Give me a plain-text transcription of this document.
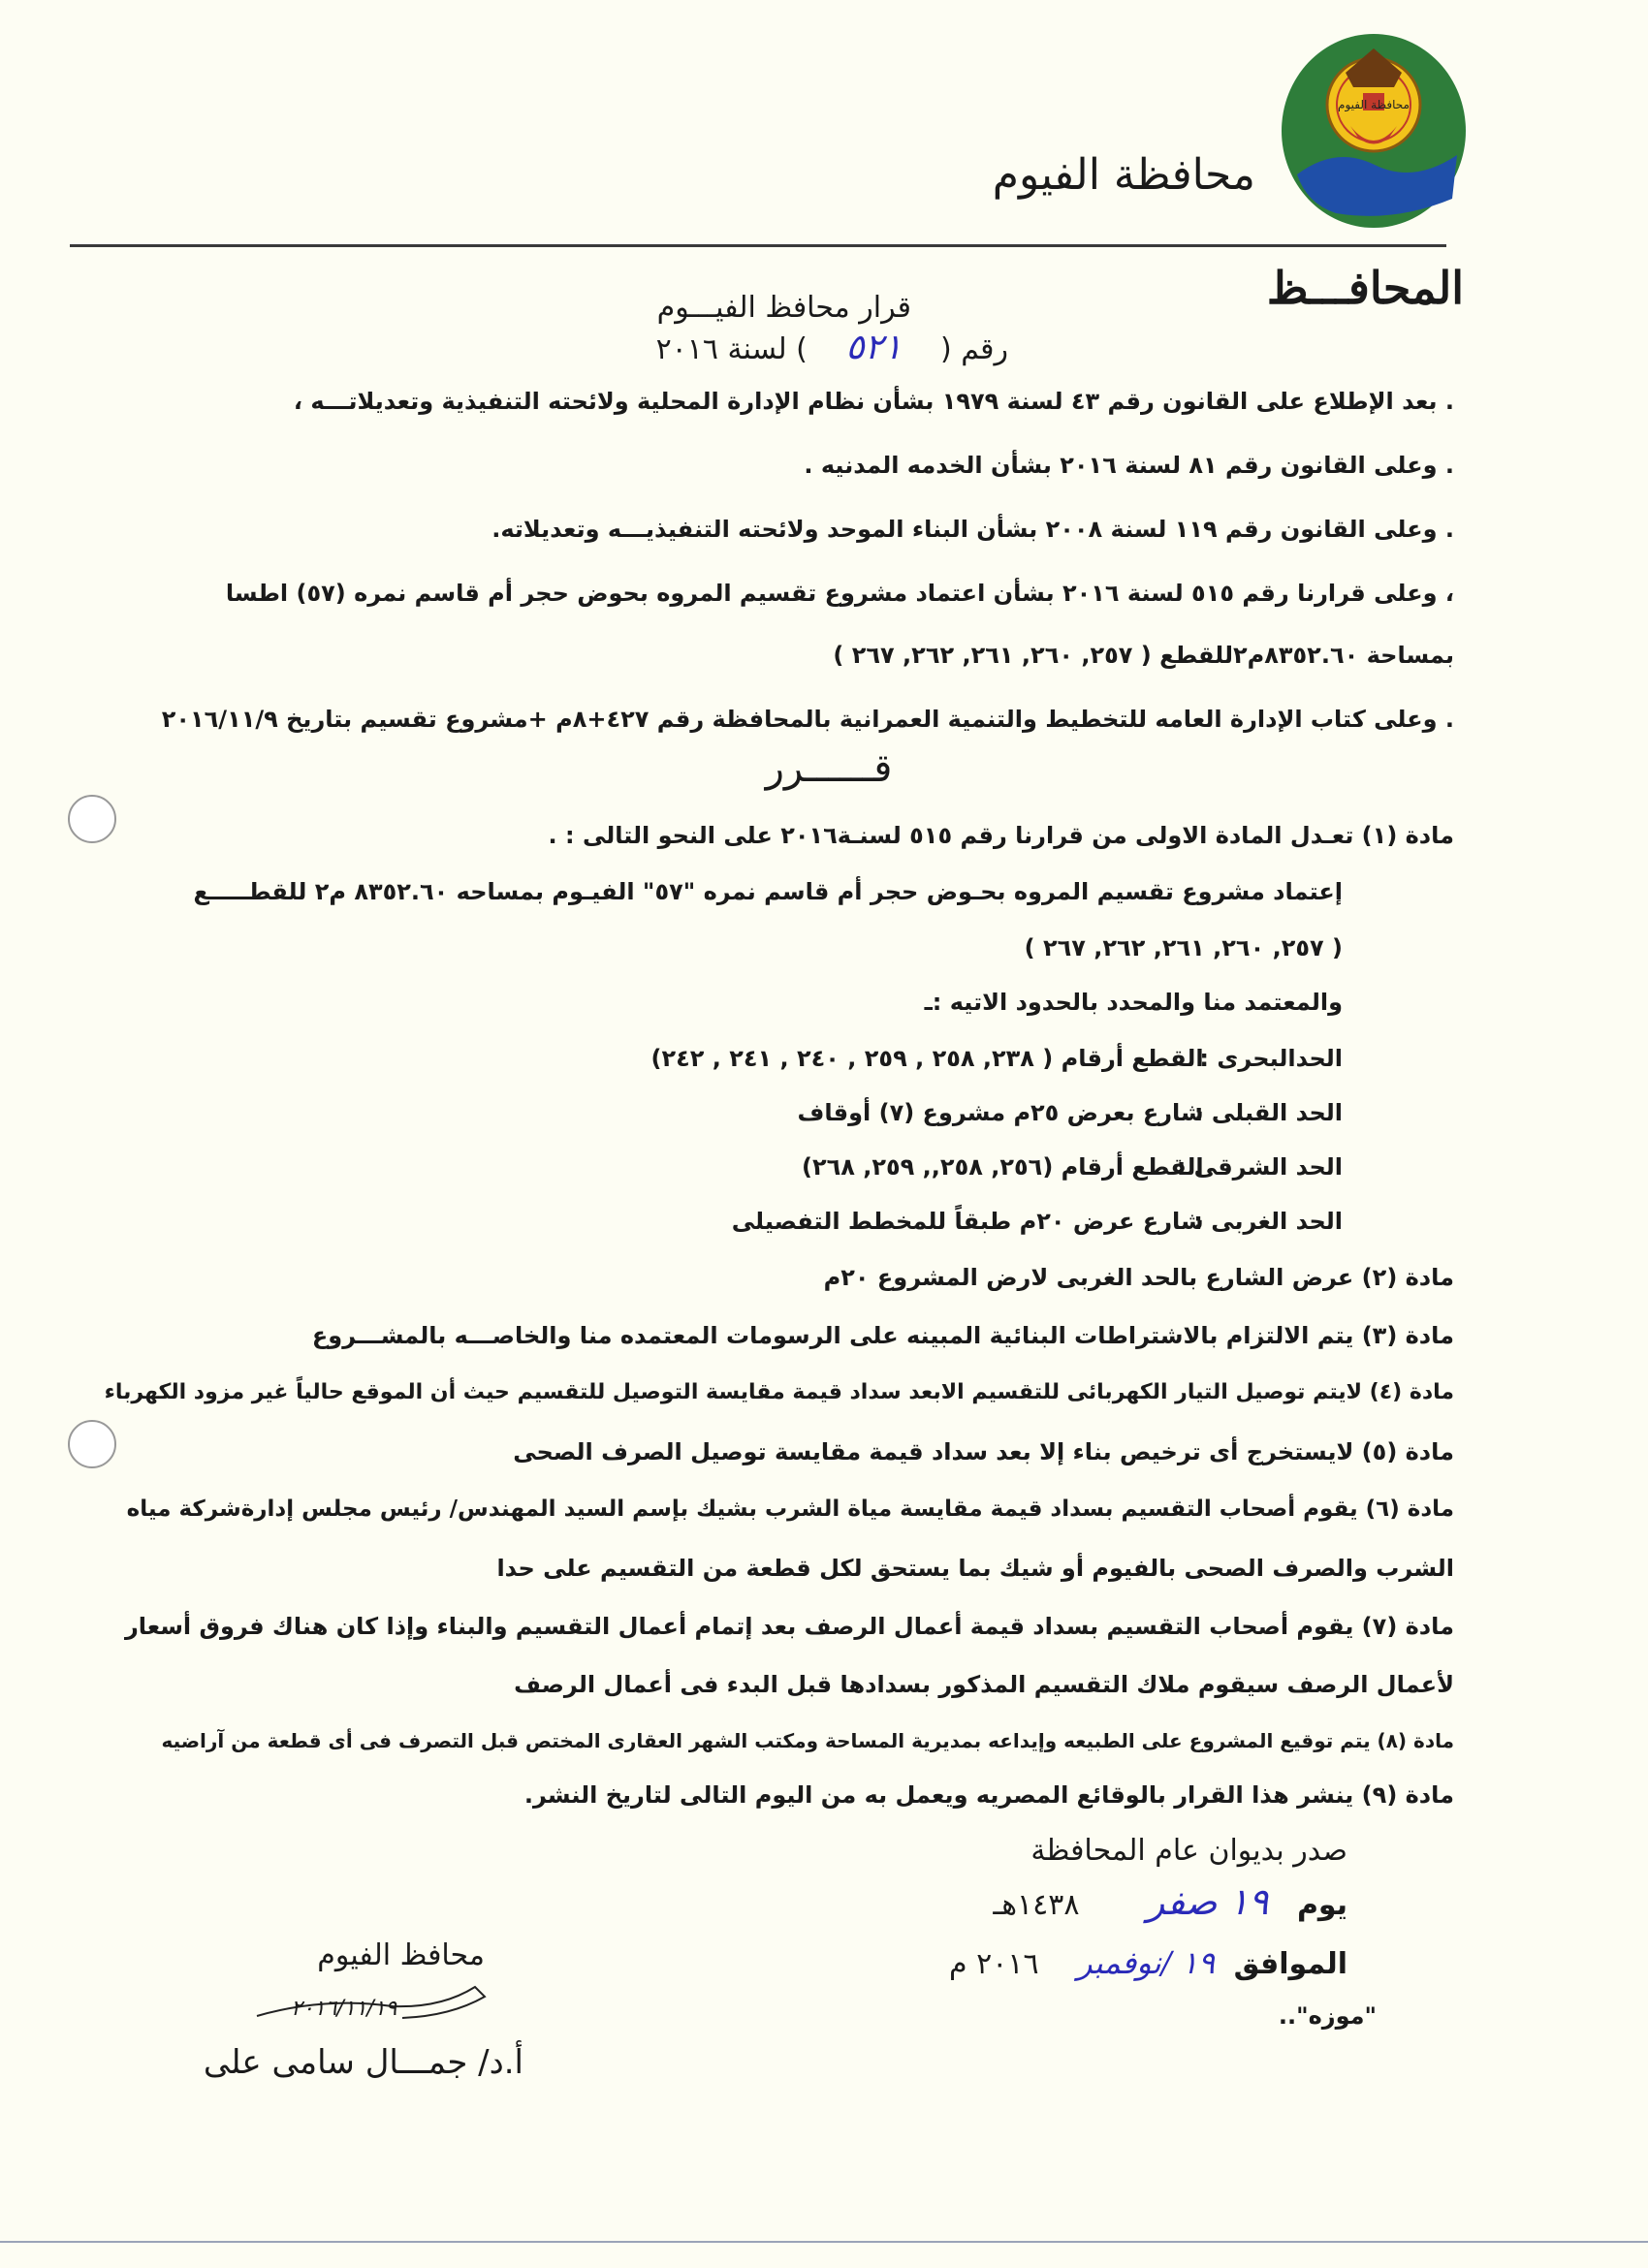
محافظة الفيوم
محافظة الفيوم
المحافـــظ
قرار محافظ الفيـــوم
رقم ( ٥٢١ ) لسنة ٢٠١٦
. بعد الإطلاع على القانون رقم ٤٣ لسنة ١٩٧٩ بشأن نظام الإدارة المحلية ولائحته التنفيذية وتعديلاتـــه ،
. وعلى القانون رقم ٨١ لسنة ٢٠١٦ بشأن الخدمه المدنيه .
. وعلى القانون رقم ١١٩ لسنة ٢٠٠٨ بشأن البناء الموحد ولائحته التنفيذيـــه وتعديلاته.
، وعلى قرارنا رقم ٥١٥ لسنة ٢٠١٦ بشأن اعتماد مشروع تقسيم المروه بحوض حجر أم قاسم نمره (٥٧) اطسا
بمساحة ٨٣٥٢.٦٠م٢للقطع ( ٢٥٧, ٢٦٠, ٢٦١, ٢٦٢, ٢٦٧ )
. وعلى كتاب الإدارة العامه للتخطيط والتنمية العمرانية بالمحافظة رقم ٤٢٧+٨م +مشروع تقسيم بتاريخ ٢٠١٦/١١/٩
قــــــرر
مادة (١) تعـدل المادة الاولى من قرارنا رقم ٥١٥ لسنـة٢٠١٦ على النحو التالى : .
إعتماد مشروع تقسيم المروه بحـوض حجر أم قاسم نمره "٥٧" الفيـوم بمساحه ٨٣٥٢.٦٠ م٢ للقطـــــع
( ٢٥٧, ٢٦٠, ٢٦١, ٢٦٢, ٢٦٧ )
والمعتمد منا والمحدد بالحدود الاتيه :ـ
الحدالبحرى : القطع أرقام ( ٢٣٨, ٢٥٨ , ٢٥٩ , ٢٤٠ , ٢٤١ , ٢٤٢)
الحد القبلى : شارع بعرض ٢٥م مشروع (٧) أوقاف
الحد الشرقى : القطع أرقام (٢٥٦, ٢٥٨,, ٢٥٩, ٢٦٨)
الحد الغربى : شارع عرض ٢٠م طبقاً للمخطط التفصيلى
مادة (٢) عرض الشارع بالحد الغربى لارض المشروع ٢٠م
مادة (٣) يتم الالتزام بالاشتراطات البنائية المبينه على الرسومات المعتمده منا والخاصـــه بالمشـــروع
مادة (٤) لايتم توصيل التيار الكهربائى للتقسيم الابعد سداد قيمة مقايسة التوصيل للتقسيم حيث أن الموقع حالياً غير مزود الكهرباء
مادة (٥) لايستخرج أى ترخيص بناء إلا بعد سداد قيمة مقايسة توصيل الصرف الصحى
مادة (٦) يقوم أصحاب التقسيم بسداد قيمة مقايسة مياة الشرب بشيك بإسم السيد المهندس/ رئيس مجلس إدارةشركة مياه
الشرب والصرف الصحى بالفيوم أو شيك بما يستحق لكل قطعة من التقسيم على حدا
مادة (٧) يقوم أصحاب التقسيم بسداد قيمة أعمال الرصف بعد إتمام أعمال التقسيم والبناء وإذا كان هناك فروق أسعار
لأعمال الرصف سيقوم ملاك التقسيم المذكور بسدادها قبل البدء فى أعمال الرصف
مادة (٨) يتم توقيع المشروع على الطبيعه وإيداعه بمديرية المساحة ومكتب الشهر العقارى المختص قبل التصرف فى أى قطعة من آراضيه
مادة (٩) ينشر هذا القرار بالوقائع المصريه ويعمل به من اليوم التالى لتاريخ النشر.
صدر بديوان عام المحافظة
يوم ١٩ صفر ١٤٣٨هـ
الموافق ١٩ /نوفمبر ٢٠١٦ م
"موزه"..
محافظ الفيوم
٢٠١٦/١١/١٩
أ.د/ جمـــال سامى على
